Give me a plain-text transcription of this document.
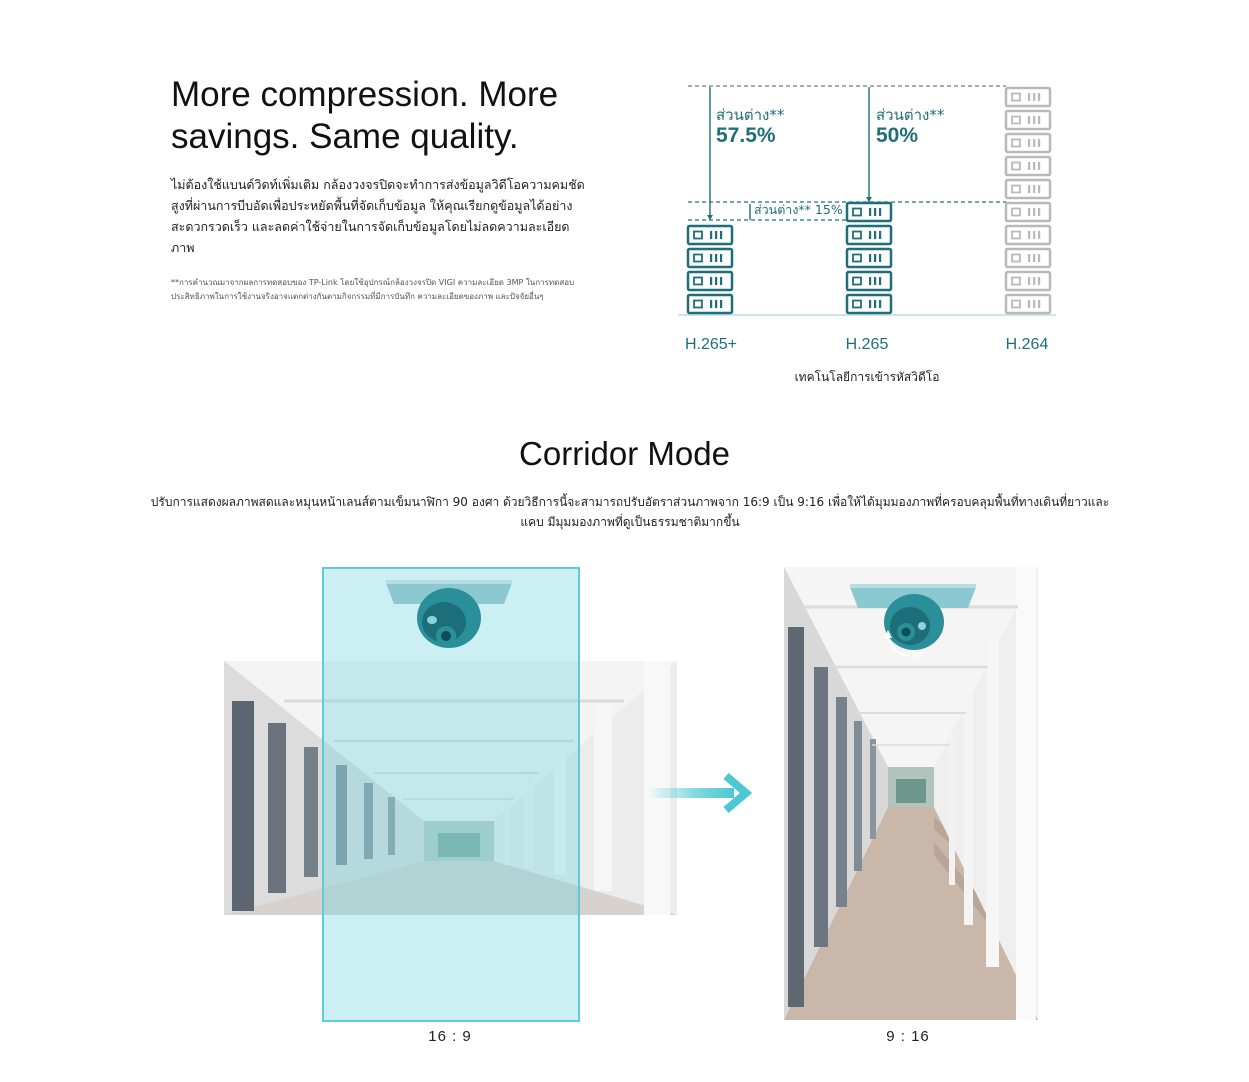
More compression. More savings. Same quality.

ไม่ต้องใช้แบนด์วิดท์เพิ่มเติม กล้องวงจรปิดจะทำการส่งข้อมูลวิดีโอความคมชัดสูงที่ผ่านการบีบอัดเพื่อประหยัดพื้นที่จัดเก็บข้อมูล ให้คุณเรียกดูข้อมูลได้อย่างสะดวกรวดเร็ว และลดค่าใช้จ่ายในการจัดเก็บข้อมูลโดยไม่ลดความละเอียดภาพ

**การคำนวณมาจากผลการทดสอบของ TP-Link โดยใช้อุปกรณ์กล้องวงจรปิด VIGI ความละเอียด 3MP ในการทดสอบ ประสิทธิภาพในการใช้งานจริงอาจแตกต่างกันตามกิจกรรมที่มีการบันทึก ความละเอียดของภาพ และปัจจัยอื่นๆ

ส่วนต่าง**
57.5%
ส่วนต่าง**
50%
ส่วนต่าง** 15%
H.265+	H.265	H.264
เทคโนโลยีการเข้ารหัสวิดีโอ
Corridor Mode

ปรับการแสดงผลภาพสดและหมุนหน้าเลนส์ตามเข็มนาฬิกา 90 องศา ด้วยวิธีการนี้จะสามารถปรับอัตราส่วนภาพจาก 16:9 เป็น 9:16 เพื่อให้ได้มุมมองภาพที่ครอบคลุมพื้นที่ทางเดินที่ยาวและแคบ มีมุมมองภาพที่ดูเป็นธรรมชาติมากขึ้น

90°
16 : 9	9 : 16
